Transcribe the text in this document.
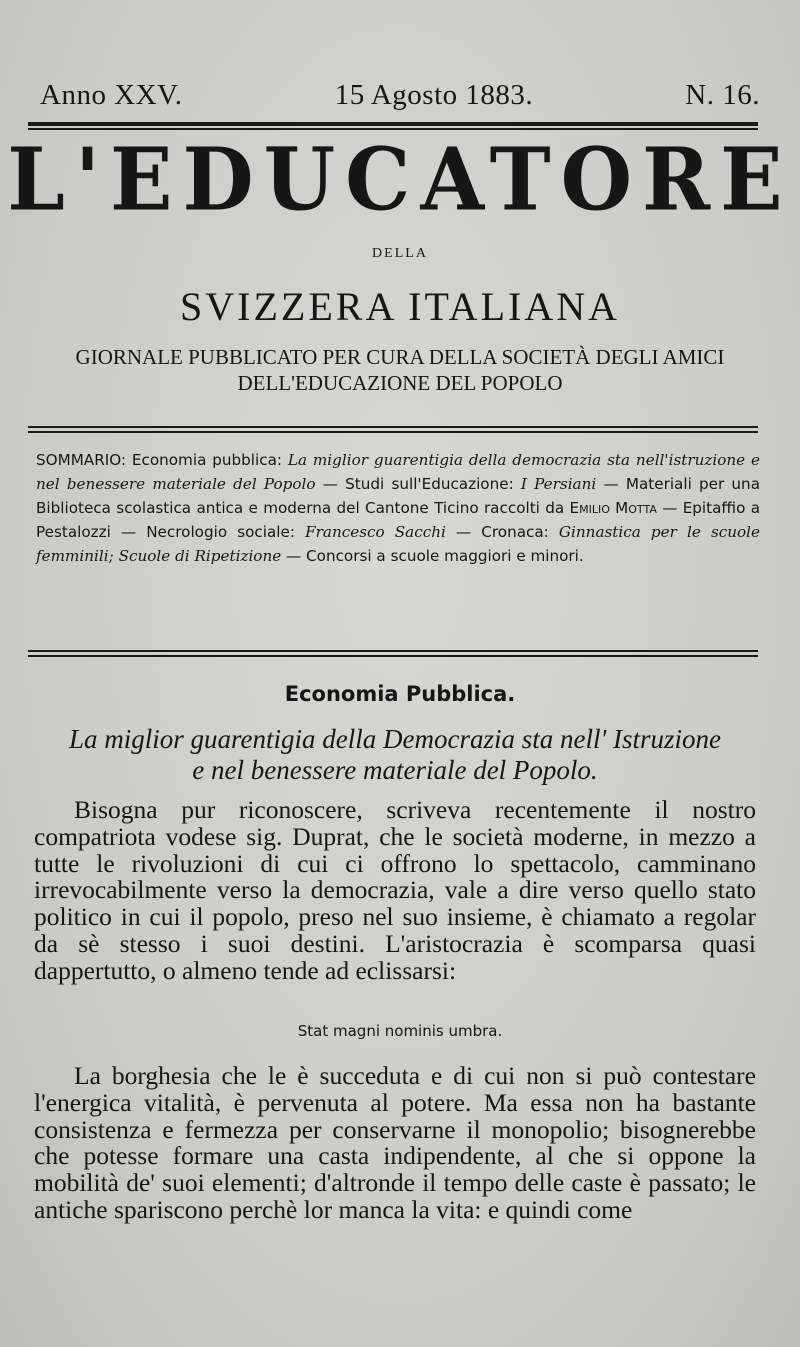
Anno XXV.	15 Agosto 1883.	N. 16.
L'EDUCATORE
DELLA
SVIZZERA ITALIANA
GIORNALE PUBBLICATO PER CURA DELLA SOCIETÀ DEGLI AMICI
DELL'EDUCAZIONE DEL POPOLO
SOMMARIO: Economia pubblica: La miglior guarentigia della democrazia sta nell'istruzione e nel benessere materiale del Popolo — Studi sull'Educazione: I Persiani — Materiali per una Biblioteca scolastica antica e moderna del Cantone Ticino raccolti da Emilio Motta — Epitaffio a Pestalozzi — Necrologio sociale: Francesco Sacchi — Cronaca: Ginnastica per le scuole femminili; Scuole di Ripetizione — Concorsi a scuole maggiori e minori.
Economia Pubblica.
La miglior guarentigia della Democrazia sta nell' Istruzione
e nel benessere materiale del Popolo.
Bisogna pur riconoscere, scriveva recentemente il nostro compatriota vodese sig. Duprat, che le società moderne, in mezzo a tutte le rivoluzioni di cui ci offrono lo spettacolo, camminano irrevocabilmente verso la democrazia, vale a dire verso quello stato politico in cui il popolo, preso nel suo insieme, è chiamato a regolar da sè stesso i suoi destini. L'aristocrazia è scomparsa quasi dappertutto, o almeno tende ad eclissarsi:
Stat magni nominis umbra.
La borghesia che le è succeduta e di cui non si può contestare l'energica vitalità, è pervenuta al potere. Ma essa non ha bastante consistenza e fermezza per conservarne il monopolio; bisognerebbe che potesse formare una casta indipendente, al che si oppone la mobilità de' suoi elementi; d'altronde il tempo delle caste è passato; le antiche spariscono perchè lor manca la vita: e quindi come
